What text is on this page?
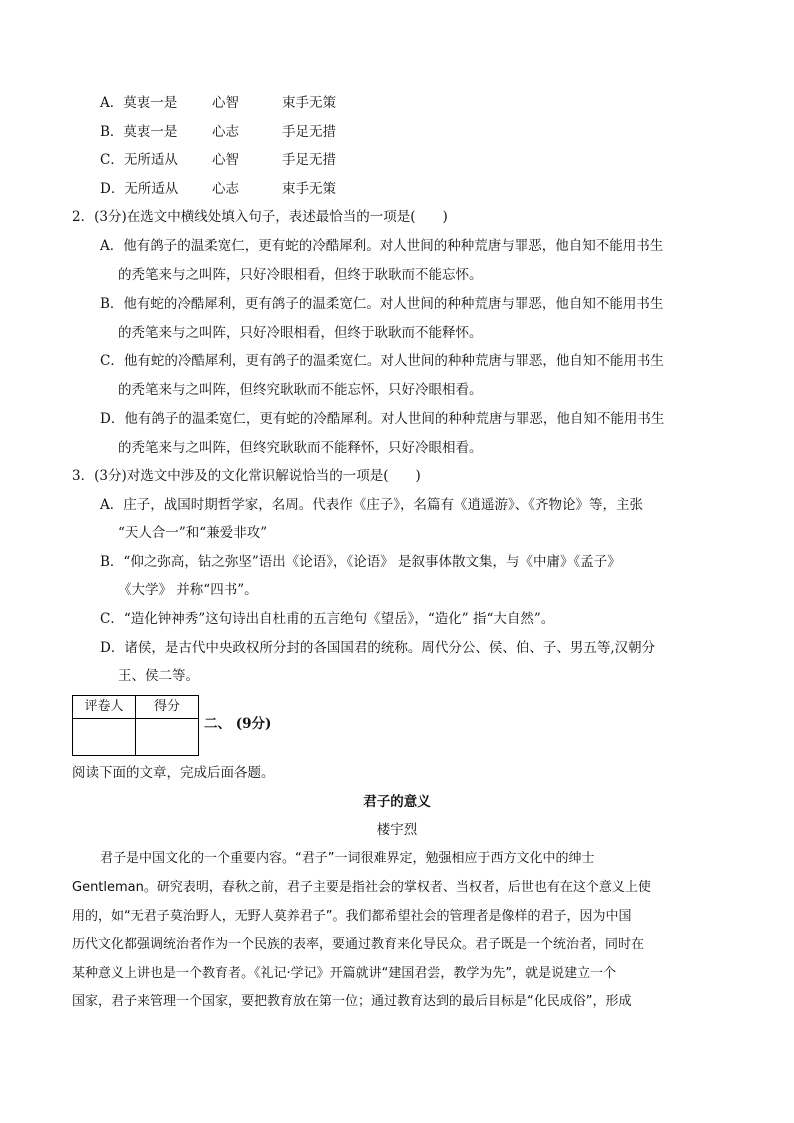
A．莫衷一是	心智	束手无策
B．莫衷一是	心志	手足无措
C．无所适从	心智	手足无措
D．无所适从 心志	束手无策
2．(3分)在选文中横线处填入句子，表述最恰当的一项是(　　)
A．他有鸽子的温柔宽仁，更有蛇的冷酷犀利。对人世间的种种荒唐与罪恶，他自知不能用书生
的秃笔来与之叫阵，只好冷眼相看，但终于耿耿而不能忘怀。
B．他有蛇的冷酷犀利，更有鸽子的温柔宽仁。对人世间的种种荒唐与罪恶，他自知不能用书生
的秃笔来与之叫阵，只好冷眼相看，但终于耿耿而不能释怀。
C．他有蛇的冷酷犀利，更有鸽子的温柔宽仁。对人世间的种种荒唐与罪恶，他自知不能用书生
的秃笔来与之叫阵，但终究耿耿而不能忘怀，只好冷眼相看。
D．他有鸽子的温柔宽仁，更有蛇的冷酷犀利。对人世间的种种荒唐与罪恶，他自知不能用书生
的秃笔来与之叫阵，但终究耿耿而不能释怀，只好冷眼相看。
3．(3分)对选文中涉及的文化常识解说恰当的一项是(　　)
A．庄子，战国时期哲学家，名周。代表作《庄子》，名篇有《逍遥游》、《齐物论》等，主张
“天人合一”和“兼爱非攻”
B．“仰之弥高，钻之弥坚”语出《论语》，《论语》 是叙事体散文集，与《中庸》《孟子》
《大学》 并称“四书”。
C．“造化钟神秀”这句诗出自杜甫的五言绝句《望岳》，“造化” 指“大自然”。
D．诸侯，是古代中央政权所分封的各国国君的统称。周代分公、侯、伯、子、男五等,汉朝分
王、侯二等。
评卷人	得分

二、 (9分)
阅读下面的文章，完成后面各题。
君子的意义
楼宇烈
君子是中国文化的一个重要内容。“君子”一词很难界定，勉强相应于西方文化中的绅士
Gentleman。研究表明，春秋之前，君子主要是指社会的掌权者、当权者，后世也有在这个意义上使
用的，如“无君子莫治野人，无野人莫养君子”。我们都希望社会的管理者是像样的君子，因为中国
历代文化都强调统治者作为一个民族的表率，要通过教育来化导民众。君子既是一个统治者，同时在
某种意义上讲也是一个教育者。《礼记·学记》开篇就讲“建国君尝，教学为先”，就是说建立一个
国家，君子来管理一个国家，要把教育放在第一位；通过教育达到的最后目标是“化民成俗”，形成
